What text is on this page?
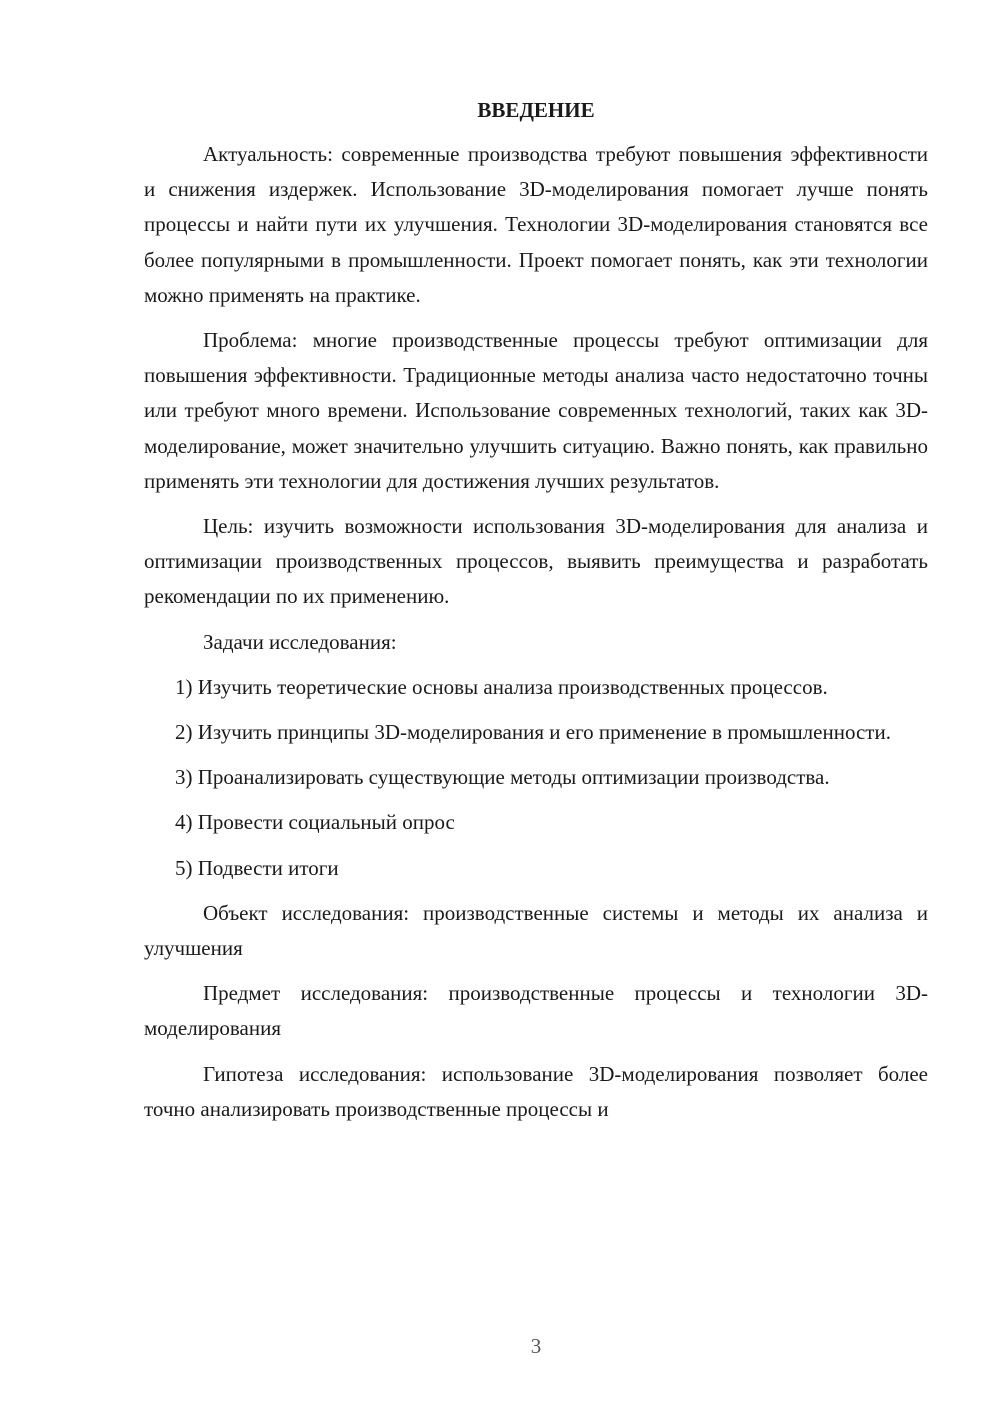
ВВЕДЕНИЕ

Актуальность: современные производства требуют повышения эффективности и снижения издержек. Использование 3D-моделирования помогает лучше понять процессы и найти пути их улучшения. Технологии 3D-моделирования становятся все более популярными в промышленности. Проект помогает понять, как эти технологии можно применять на практике.

Проблема: многие производственные процессы требуют оптимизации для повышения эффективности. Традиционные методы анализа часто недостаточно точны или требуют много времени. Использование современных технологий, таких как 3D-моделирование, может значительно улучшить ситуацию. Важно понять, как правильно применять эти технологии для достижения лучших результатов.

Цель: изучить возможности использования 3D-моделирования для анализа и оптимизации производственных процессов, выявить преимущества и разработать рекомендации по их применению.

Задачи исследования:

1) Изучить теоретические основы анализа производственных процессов.

2) Изучить принципы 3D-моделирования и его применение в промышленности.

3) Проанализировать существующие методы оптимизации производства.

4) Провести социальный опрос

5) Подвести итоги

Объект исследования: производственные системы и методы их анализа и улучшения

Предмет исследования: производственные процессы и технологии 3D-моделирования

Гипотеза исследования: использование 3D-моделирования позволяет более точно анализировать производственные процессы и

3
